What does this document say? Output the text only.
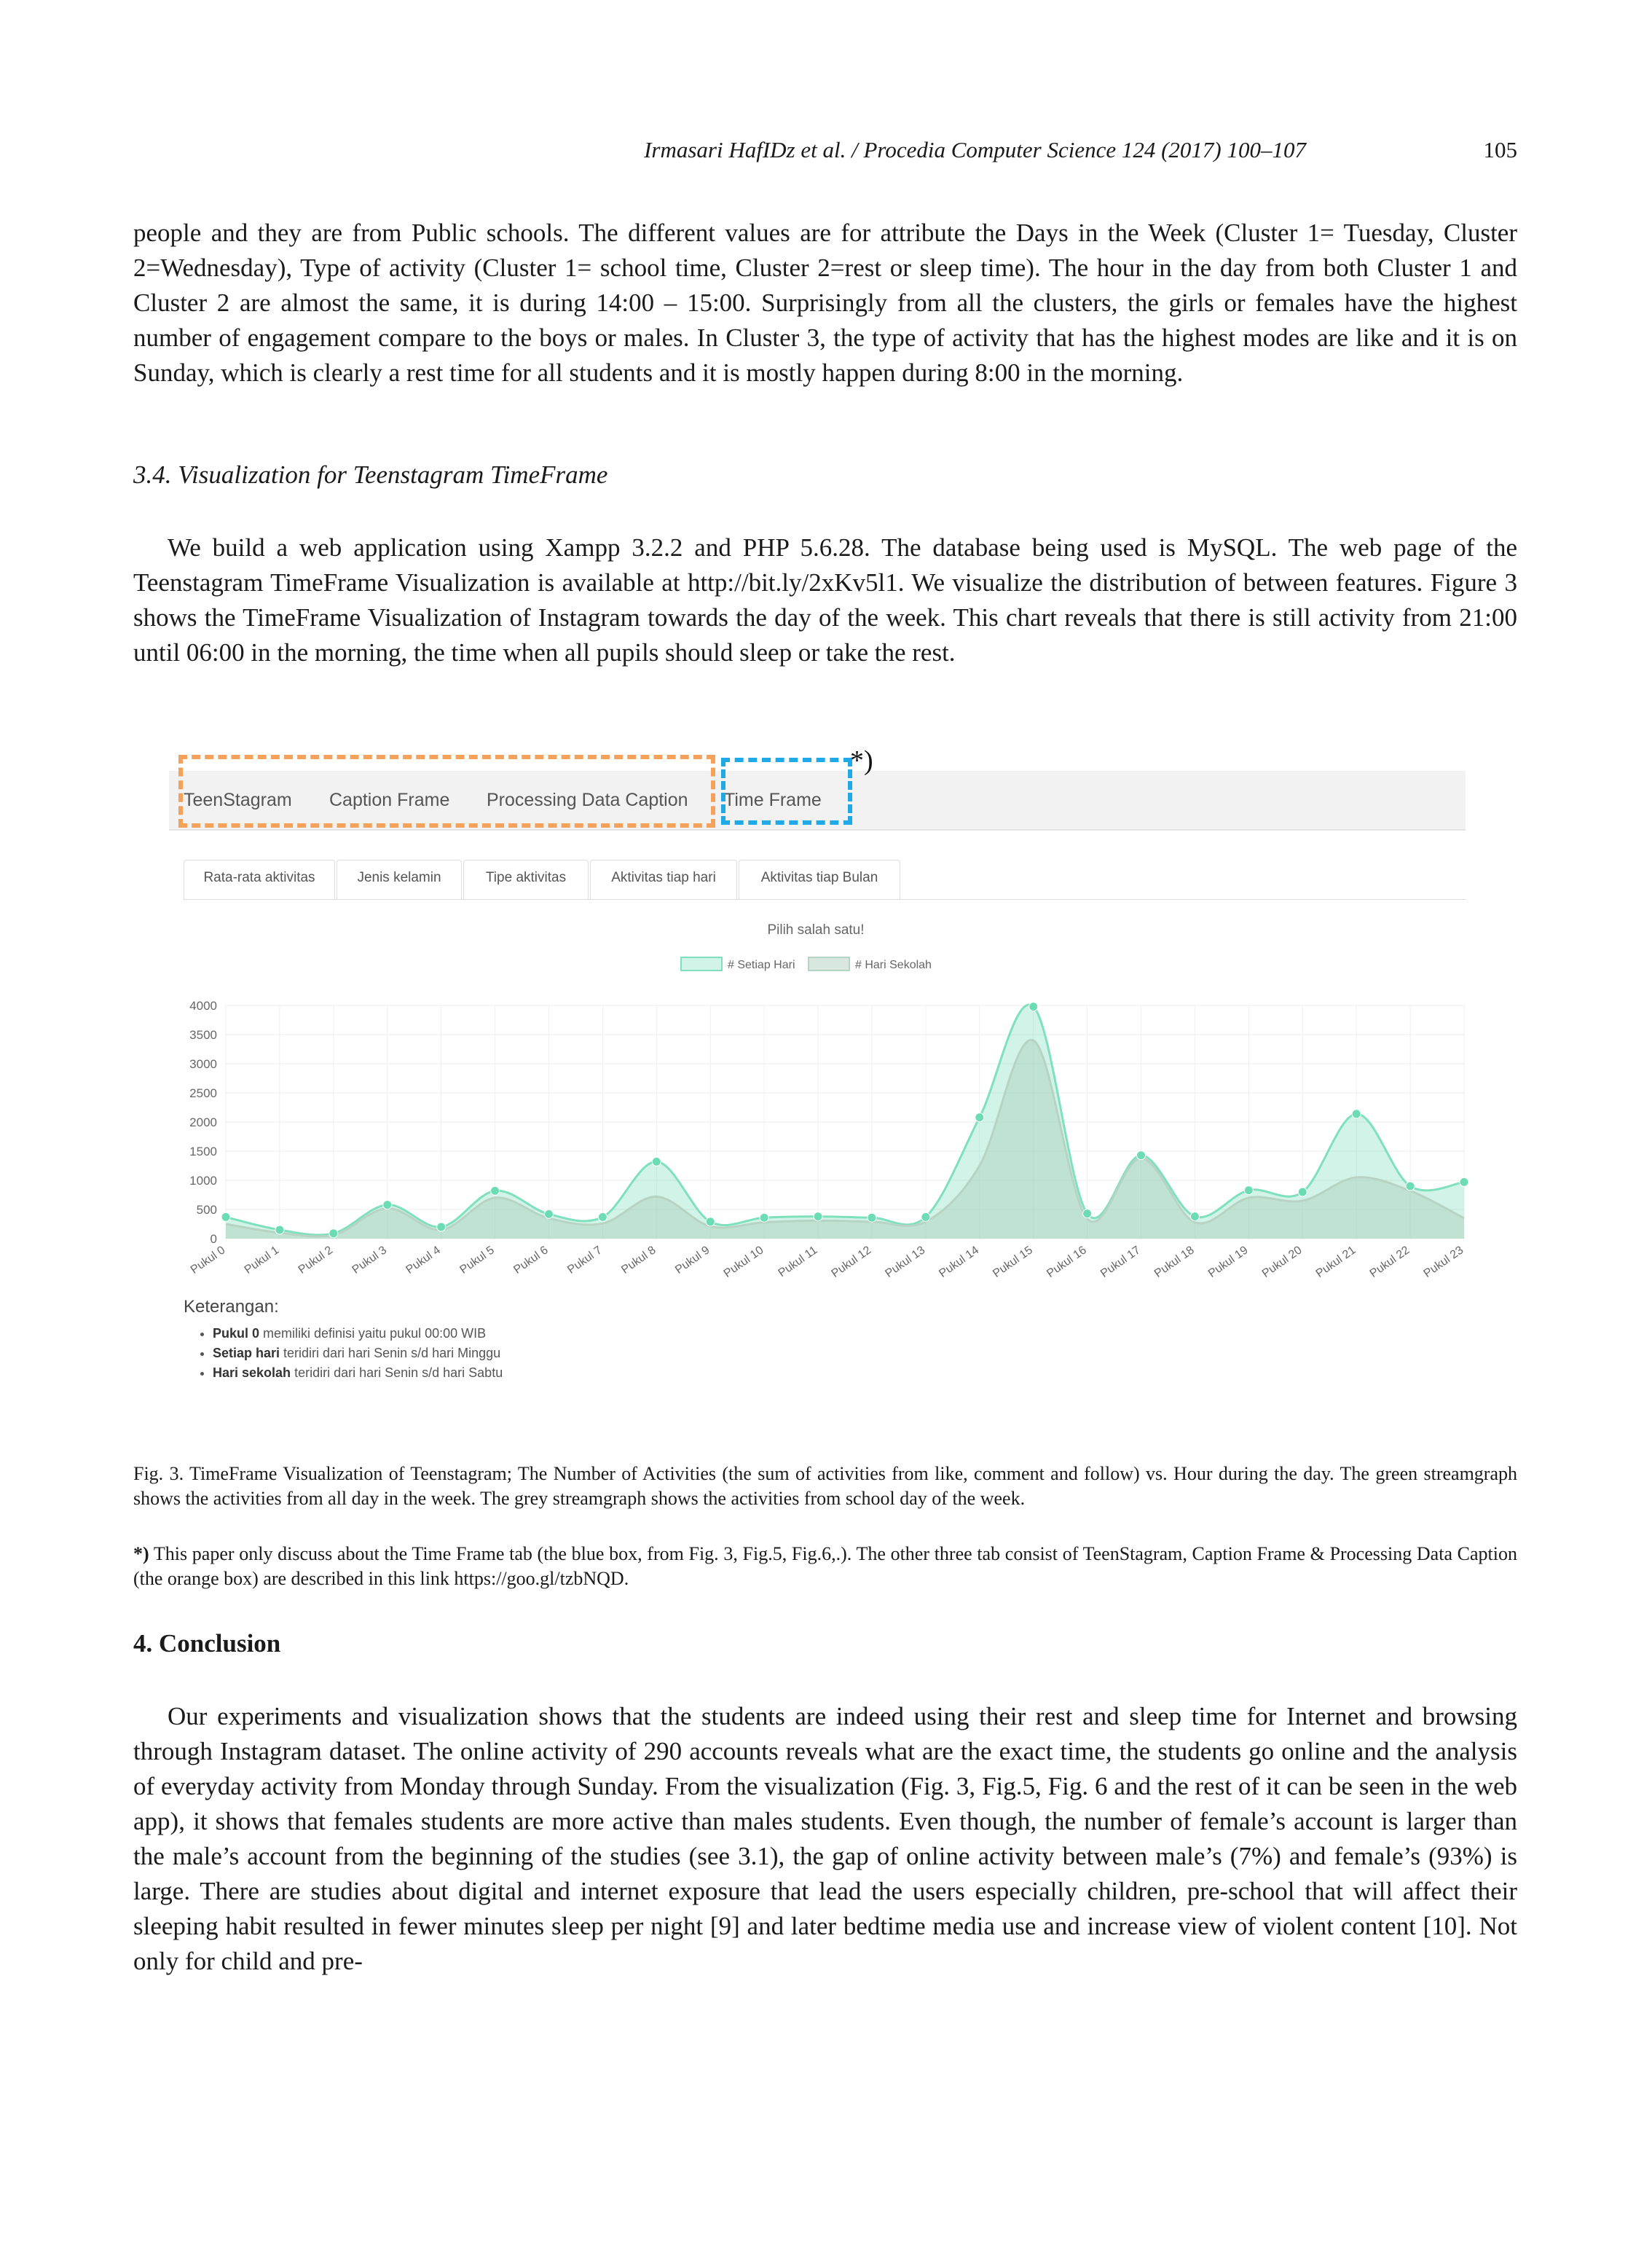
Irmasari HafIDz et al. / Procedia Computer Science 124 (2017) 100–107	105

people and they are from Public schools. The different values are for attribute the Days in the Week (Cluster 1= Tuesday, Cluster 2=Wednesday), Type of activity (Cluster 1= school time, Cluster 2=rest or sleep time). The hour in the day from both Cluster 1 and Cluster 2 are almost the same, it is during 14:00 – 15:00. Surprisingly from all the clusters, the girls or females have the highest number of engagement compare to the boys or males. In Cluster 3, the type of activity that has the highest modes are like and it is on Sunday, which is clearly a rest time for all students and it is mostly happen during 8:00 in the morning.

3.4. Visualization for Teenstagram TimeFrame

We build a web application using Xampp 3.2.2 and PHP 5.6.28. The database being used is MySQL. The web page of the Teenstagram TimeFrame Visualization is available at http://bit.ly/2xKv5l1. We visualize the distribution of between features. Figure 3 shows the TimeFrame Visualization of Instagram towards the day of the week. This chart reveals that there is still activity from 21:00 until 06:00 in the morning, the time when all pupils should sleep or take the rest.

TeenStagram Caption Frame Processing Data Caption Time Frame
*)
Rata-rata aktivitas	Jenis kelamin	Tipe aktivitas	Aktivitas tiap hari	Aktivitas tiap Bulan
0
500
1000
1500
2000
2500
3000
3500
4000
Pukul 0 Pukul 1 Pukul 2 Pukul 3 Pukul 4 Pukul 5 Pukul 6 Pukul 7 Pukul 8 Pukul 9 Pukul 10 Pukul 11 Pukul 12 Pukul 13 Pukul 14 Pukul 15 Pukul 16 Pukul 17 Pukul 18 Pukul 19 Pukul 20 Pukul 21 Pukul 22 Pukul 23
Pilih salah satu!
# Setiap Hari	# Hari Sekolah
Keterangan:
• Pukul 0 memiliki definisi yaitu pukul 00:00 WIB
• Setiap hari teridiri dari hari Senin s/d hari Minggu
• Hari sekolah teridiri dari hari Senin s/d hari Sabtu

Fig. 3. TimeFrame Visualization of Teenstagram; The Number of Activities (the sum of activities from like, comment and follow) vs. Hour during the day. The green streamgraph shows the activities from all day in the week. The grey streamgraph shows the activities from school day of the week.

*) This paper only discuss about the Time Frame tab (the blue box, from Fig. 3, Fig.5, Fig.6,.). The other three tab consist of TeenStagram, Caption Frame & Processing Data Caption (the orange box) are described in this link https://goo.gl/tzbNQD.

4. Conclusion

Our experiments and visualization shows that the students are indeed using their rest and sleep time for Internet and browsing through Instagram dataset. The online activity of 290 accounts reveals what are the exact time, the students go online and the analysis of everyday activity from Monday through Sunday. From the visualization (Fig. 3, Fig.5, Fig. 6 and the rest of it can be seen in the web app), it shows that females students are more active than males students. Even though, the number of female’s account is larger than the male’s account from the beginning of the studies (see 3.1), the gap of online activity between male’s (7%) and female’s (93%) is large. There are studies about digital and internet exposure that lead the users especially children, pre-school that will affect their sleeping habit resulted in fewer minutes sleep per night [9] and later bedtime media use and increase view of violent content [10]. Not only for child and pre-
